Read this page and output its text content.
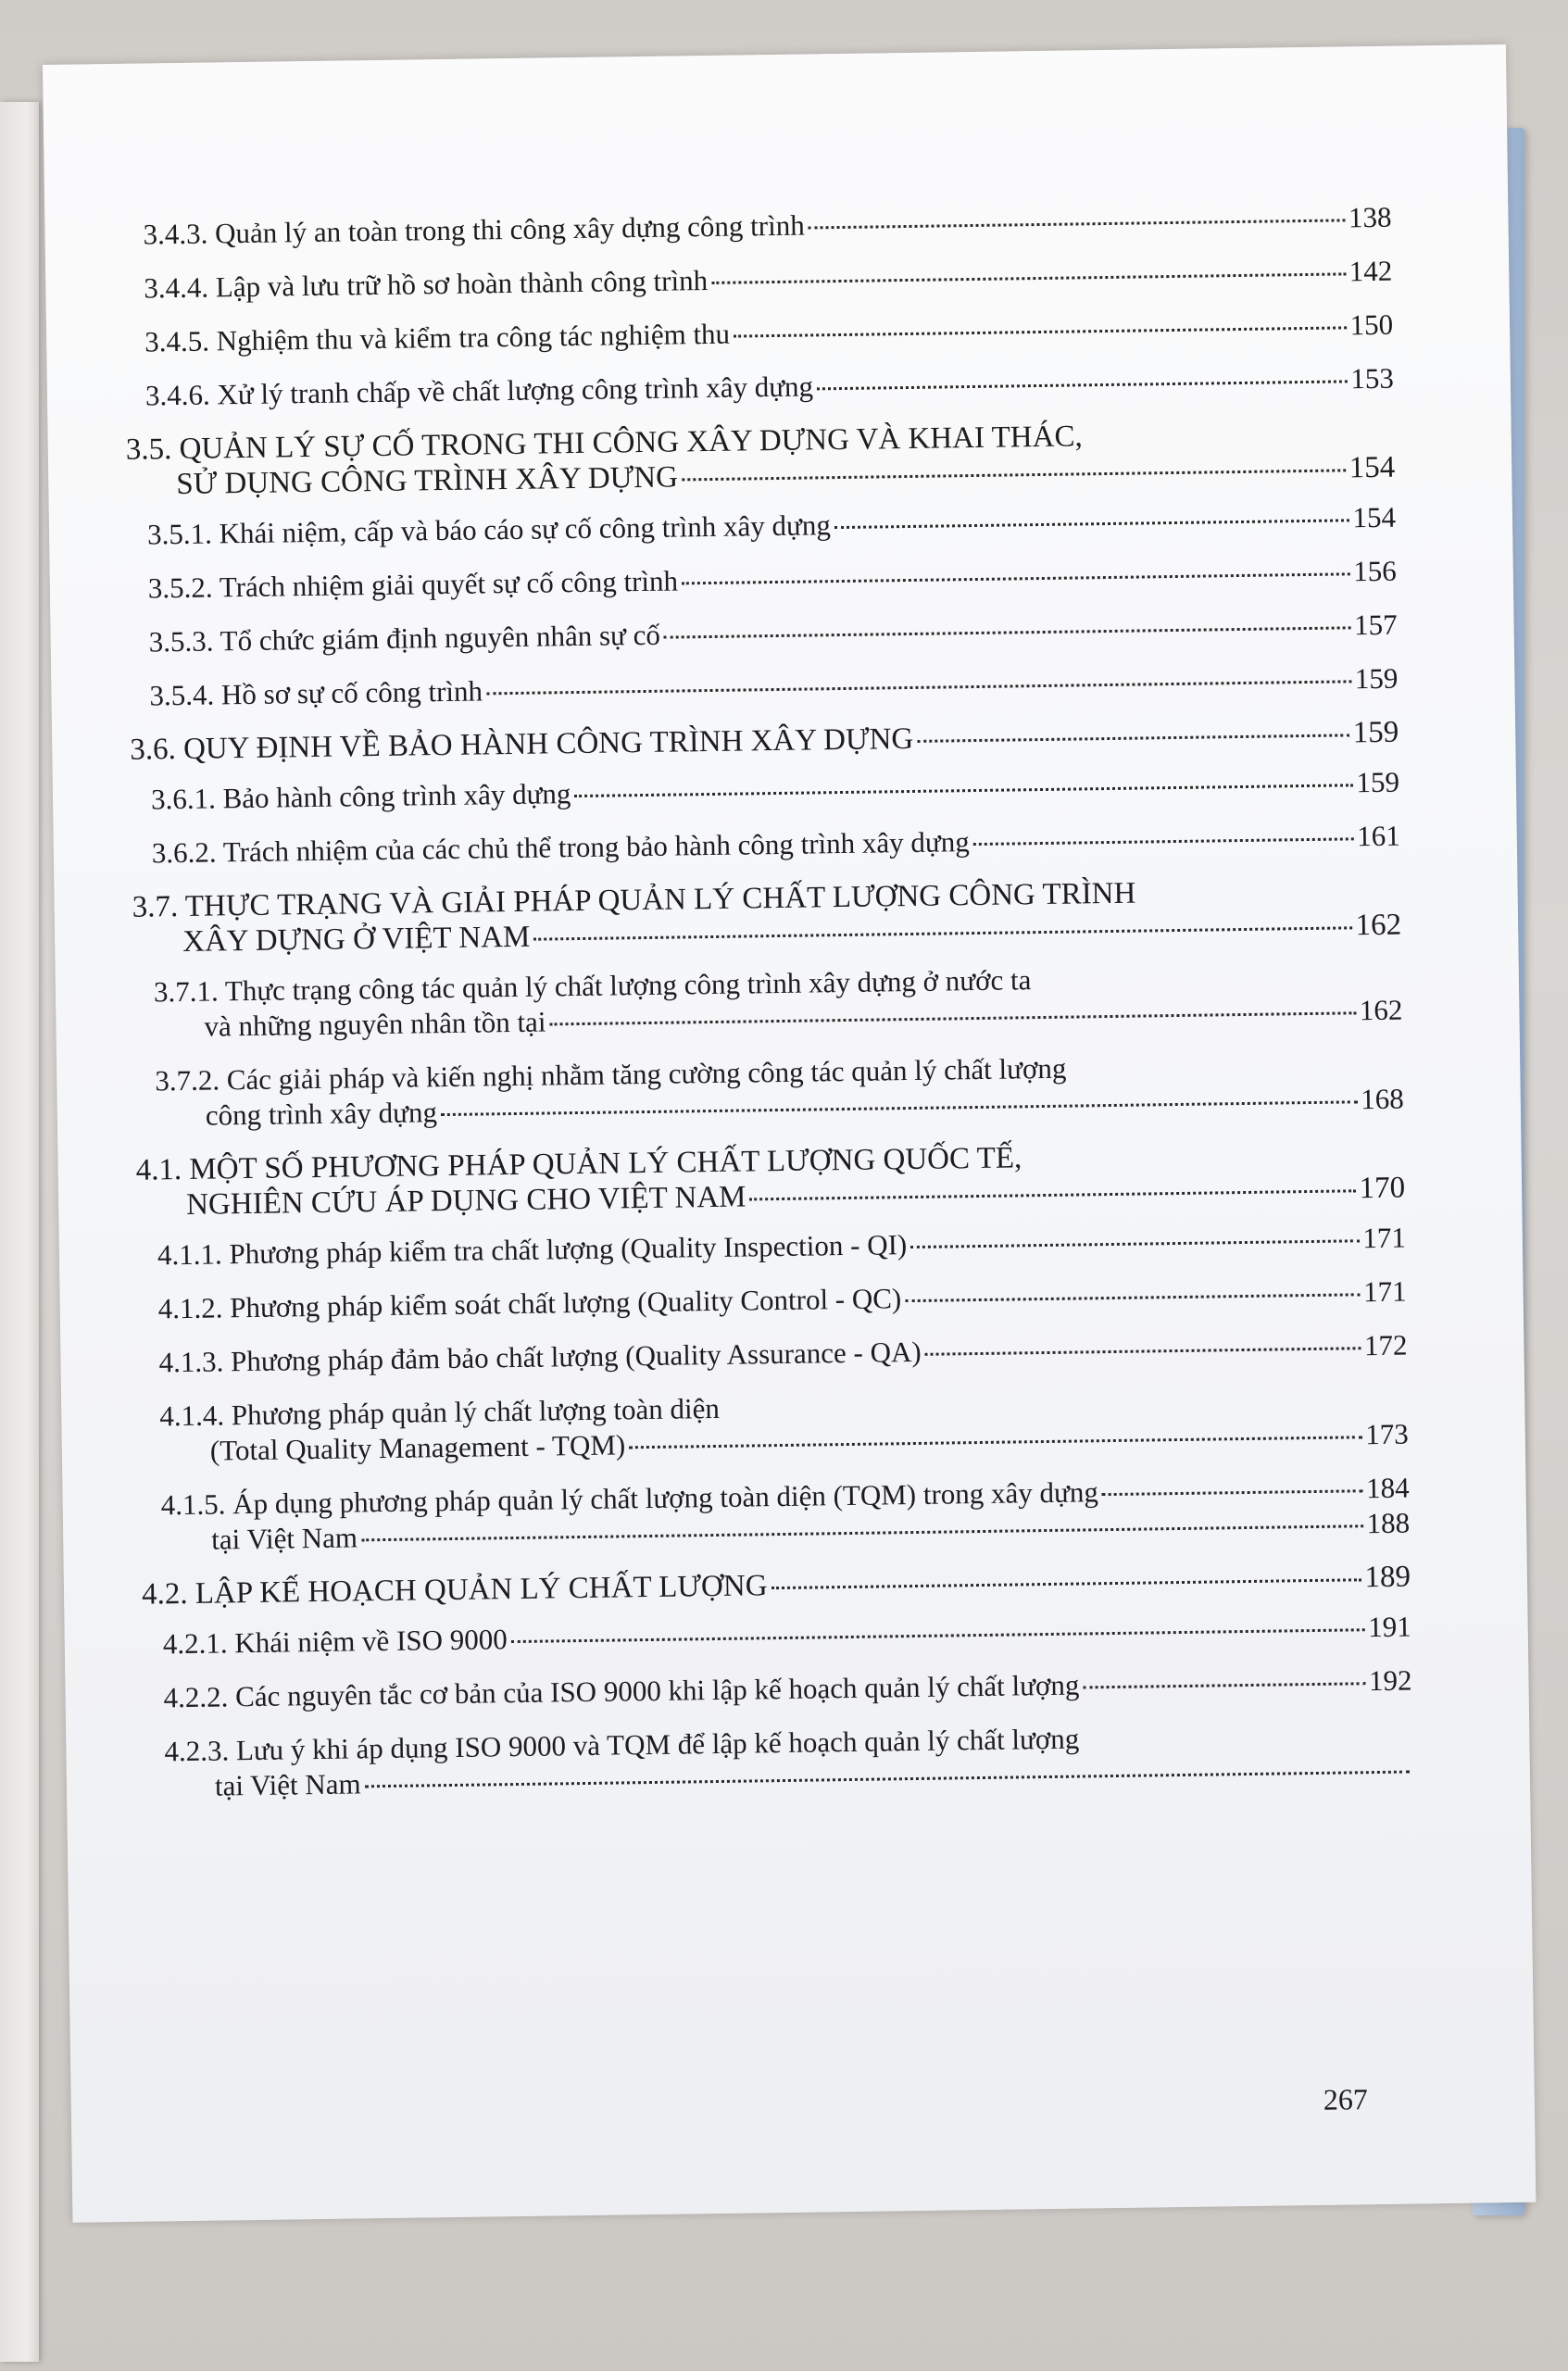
3.4.3. Quản lý an toàn trong thi công xây dựng công trình	138
3.4.4. Lập và lưu trữ hồ sơ hoàn thành công trình	142
3.4.5. Nghiệm thu và kiểm tra công tác nghiệm thu	150
3.4.6. Xử lý tranh chấp về chất lượng công trình xây dựng	153
3.5. QUẢN LÝ SỰ CỐ TRONG THI CÔNG XÂY DỰNG VÀ KHAI THÁC,
SỬ DỤNG CÔNG TRÌNH XÂY DỰNG	154
3.5.1. Khái niệm, cấp và báo cáo sự cố công trình xây dựng	154
3.5.2. Trách nhiệm giải quyết sự cố công trình	156
3.5.3. Tổ chức giám định nguyên nhân sự cố	157
3.5.4. Hồ sơ sự cố công trình	159
3.6. QUY ĐỊNH VỀ BẢO HÀNH CÔNG TRÌNH XÂY DỰNG	159
3.6.1. Bảo hành công trình xây dựng	159
3.6.2. Trách nhiệm của các chủ thể trong bảo hành công trình xây dựng	161
3.7. THỰC TRẠNG VÀ GIẢI PHÁP QUẢN LÝ CHẤT LƯỢNG CÔNG TRÌNH
XÂY DỰNG Ở VIỆT NAM	162
3.7.1. Thực trạng công tác quản lý chất lượng công trình xây dựng ở nước ta
và những nguyên nhân tồn tại	162
3.7.2. Các giải pháp và kiến nghị nhằm tăng cường công tác quản lý chất lượng
công trình xây dựng	168
4.1. MỘT SỐ PHƯƠNG PHÁP QUẢN LÝ CHẤT LƯỢNG QUỐC TẾ,
NGHIÊN CỨU ÁP DỤNG CHO VIỆT NAM	170
4.1.1. Phương pháp kiểm tra chất lượng (Quality Inspection - QI)	171
4.1.2. Phương pháp kiểm soát chất lượng (Quality Control - QC)	171
4.1.3. Phương pháp đảm bảo chất lượng (Quality Assurance - QA)	172
4.1.4. Phương pháp quản lý chất lượng toàn diện
(Total Quality Management - TQM)	173
4.1.5. Áp dụng phương pháp quản lý chất lượng toàn diện (TQM) trong xây dựng	184
tại Việt Nam	188
4.2. LẬP KẾ HOẠCH QUẢN LÝ CHẤT LƯỢNG	189
4.2.1. Khái niệm về ISO 9000	191
4.2.2. Các nguyên tắc cơ bản của ISO 9000 khi lập kế hoạch quản lý chất lượng	192
4.2.3. Lưu ý khi áp dụng ISO 9000 và TQM để lập kế hoạch quản lý chất lượng
tại Việt Nam
267
